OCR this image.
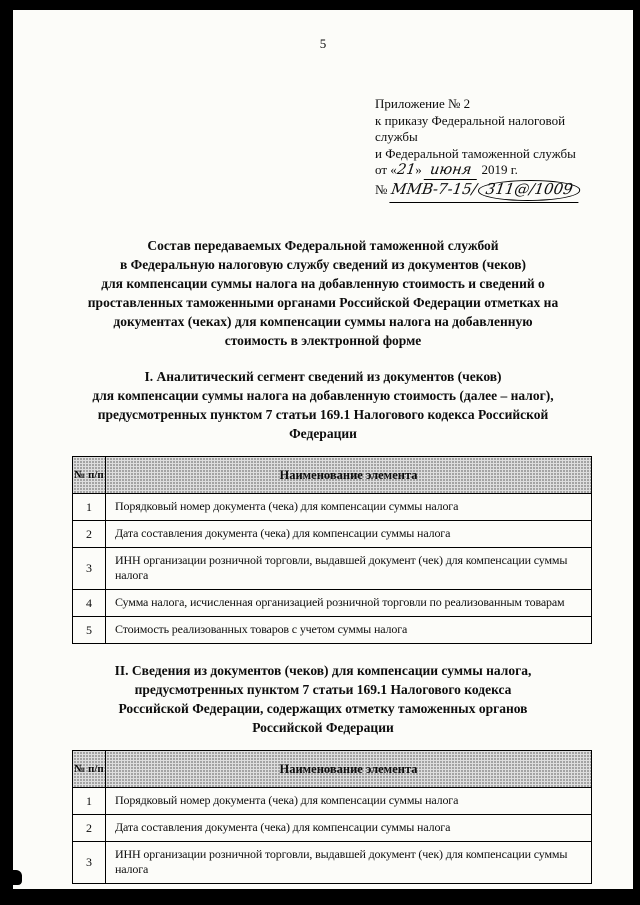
5
Приложение № 2
к приказу Федеральной налоговой
службы
и Федеральной таможенной службы
от «21» июня 2019 г.
№ ММВ-7-15/ 311@/1009
Состав передаваемых Федеральной таможенной службой
в Федеральную налоговую службу сведений из документов (чеков)
для компенсации суммы налога на добавленную стоимость и сведений о
проставленных таможенными органами Российской Федерации отметках на
документах (чеках) для компенсации суммы налога на добавленную
стоимость в электронной форме
I. Аналитический сегмент сведений из документов (чеков)
для компенсации суммы налога на добавленную стоимость (далее – налог),
предусмотренных пунктом 7 статьи 169.1 Налогового кодекса Российской
Федерации
№ п/п	Наименование элемента
1	Порядковый номер документа (чека) для компенсации суммы налога
2	Дата составления документа (чека) для компенсации суммы налога
3	ИНН организации розничной торговли, выдавшей документ (чек) для компенсации суммы налога
4	Сумма налога, исчисленная организацией розничной торговли по реализованным товарам
5	Стоимость реализованных товаров с учетом суммы налога
II. Сведения из документов (чеков) для компенсации суммы налога,
предусмотренных пунктом 7 статьи 169.1 Налогового кодекса
Российской Федерации, содержащих отметку таможенных органов
Российской Федерации
№ п/п	Наименование элемента
1	Порядковый номер документа (чека) для компенсации суммы налога
2	Дата составления документа (чека) для компенсации суммы налога
3	ИНН организации розничной торговли, выдавшей документ (чек) для компенсации суммы налога
